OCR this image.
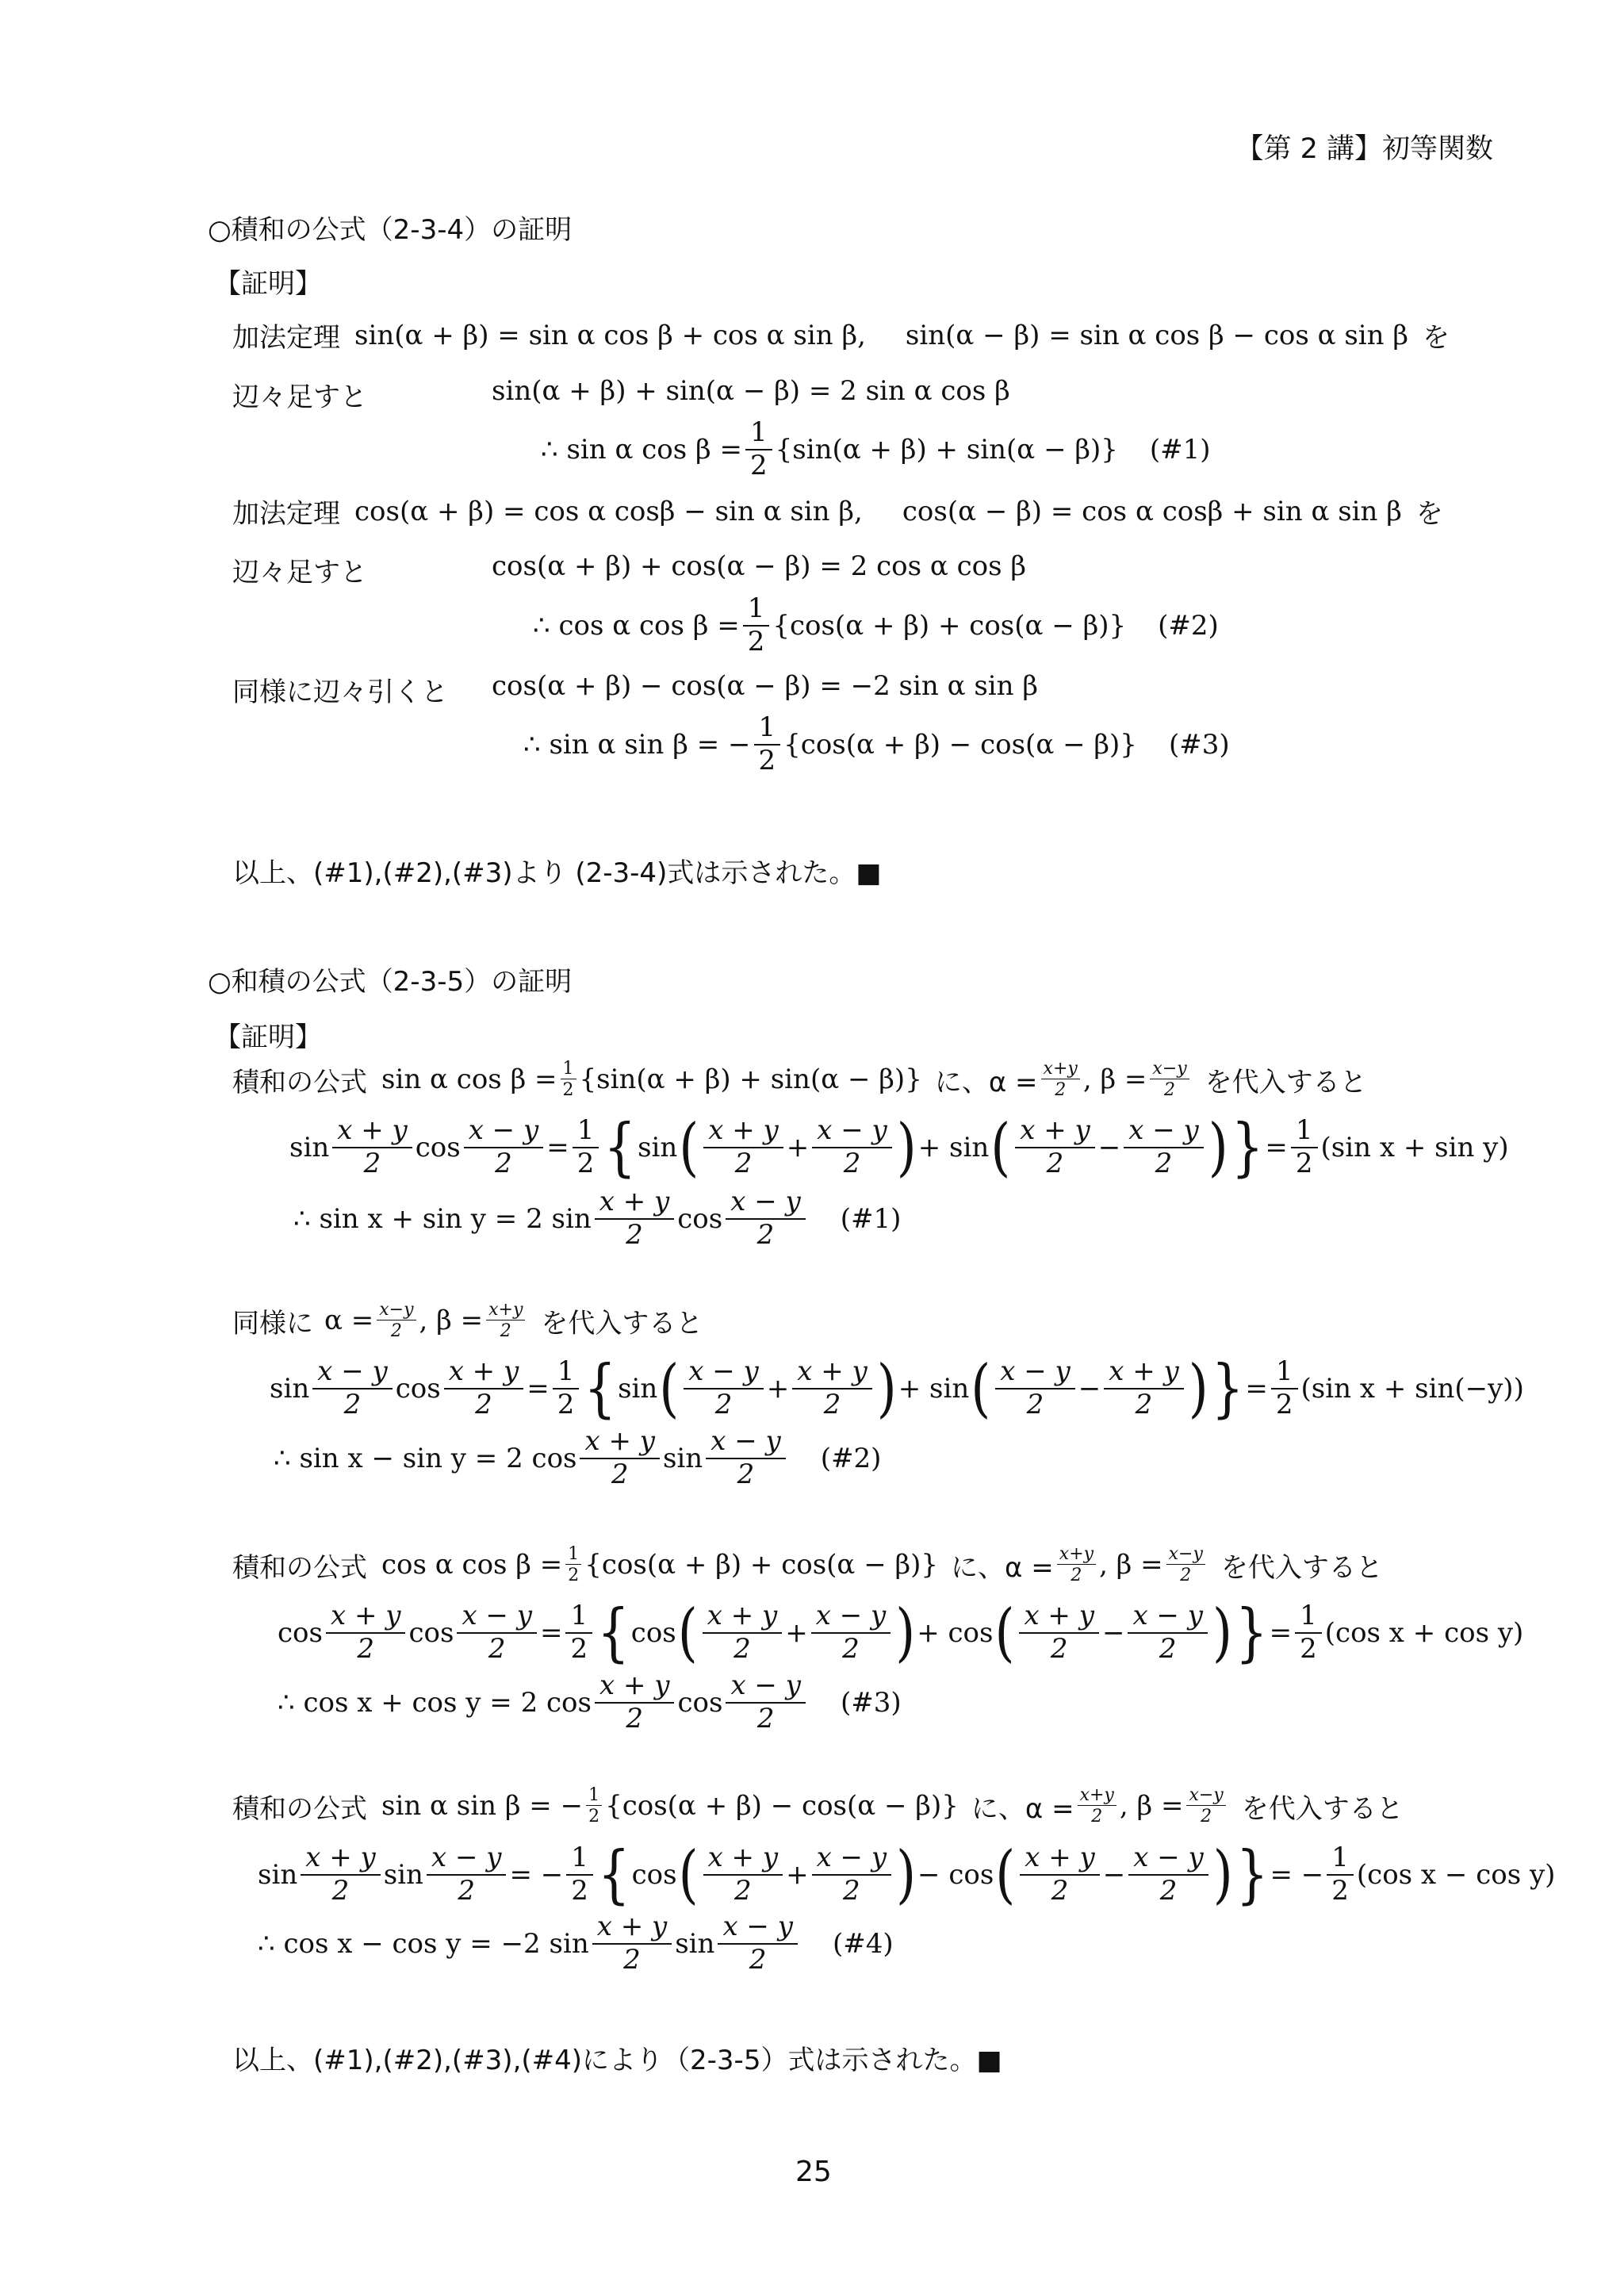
【第 2 講】初等関数
○積和の公式（2-3-4）の証明
【証明】
加法定理 sin(α + β) = sin α cos β + cos α sin β, sin(α − β) = sin α cos β − cos α sin β を
辺々足すと	sin(α + β) + sin(α − β) = 2 sin α cos β
∴ sin α $\cos \beta = \frac{1}{2} \{\sin(\alpha + \beta) + \sin(\alpha - \beta)\}$ (#1)
加法定理 cos(α + β) = cos α cosβ − sin α sin β, cos(α − β) = cos α cosβ + sin α sin β を
辺々足すと	cos(α + β) + cos(α − β) = 2 cos α cos β
∴ cos α $\cos \beta = \frac{1}{2} \{\cos(\alpha + \beta) + \cos(\alpha - \beta)\}$ (#2)
同様に辺々引くと cos(α + β) − cos(α − β) = −2 sin α sin β
∴ sin α sin β = − $\frac{1}{2} \{\cos(\alpha + \beta) - \cos(\alpha - \beta)\}$ (#3)
以上、(#1),(#2),(#3)より (2-3-4)式は示された。■
○和積の公式（2-3-5）の証明
【証明】
積和の公式 sin α $\cos \beta = \frac{1}{2} \{\sin(\alpha + \beta) + \sin(\alpha - \beta)\}$ に、$\alpha = \frac{x+y}{2}$ , $\beta = \frac{x-y}{2}$ を代入すると
$\sin \frac{x + y}{2}$ $\cos \frac{x - y}{2} = \frac{1}{2}$ { sin ( $\frac{x + y}{2} + \frac{x - y}{2}$ ) + sin ( $\frac{x + y}{2} - \frac{x - y}{2}$ ) } = $\frac{1}{2} (\sin$ x + sin y)
∴ sin x + sin y = 2 $\sin \frac{x + y}{2}$ $\cos \frac{x - y}{2}$ (#1)
同様に $\alpha = \frac{x-y}{2}$ , $\beta = \frac{x+y}{2}$ を代入すると
$\sin \frac{x - y}{2}$ $\cos \frac{x + y}{2} = \frac{1}{2}$ { sin ( $\frac{x - y}{2} + \frac{x + y}{2}$ ) + sin ( $\frac{x - y}{2} - \frac{x + y}{2}$ ) } = $\frac{1}{2} (\sin$ x + sin(−y))
∴ sin x − sin y = 2 $\cos \frac{x + y}{2}$ $\sin \frac{x - y}{2}$ (#2)
積和の公式 cos α $\cos \beta = \frac{1}{2} \{\cos(\alpha + \beta) + \cos(\alpha - \beta)\}$ に、$\alpha = \frac{x+y}{2}$ , $\beta = \frac{x-y}{2}$ を代入すると
$\cos \frac{x + y}{2}$ $\cos \frac{x - y}{2} = \frac{1}{2}$ { cos ( $\frac{x + y}{2} + \frac{x - y}{2}$ ) + cos ( $\frac{x + y}{2} - \frac{x - y}{2}$ ) } = $\frac{1}{2} (\cos$ x + cos y)
∴ cos x + cos y = 2 $\cos \frac{x + y}{2}$ $\cos \frac{x - y}{2}$ (#3)
積和の公式 sin α sin β = − $\frac{1}{2} \{\cos(\alpha + \beta) - \cos(\alpha - \beta)\}$ に、$\alpha = \frac{x+y}{2}$ , $\beta = \frac{x-y}{2}$ を代入すると
$\sin \frac{x + y}{2}$ $\sin \frac{x - y}{2}$ = − $\frac{1}{2}$ { cos ( $\frac{x + y}{2} + \frac{x - y}{2}$ ) − cos ( $\frac{x + y}{2} - \frac{x - y}{2}$ ) } = − $\frac{1}{2} (\cos$ x − cos y)
∴ cos x − cos y = −2 $\sin \frac{x + y}{2}$ $\sin \frac{x - y}{2}$ (#4)
以上、(#1),(#2),(#3),(#4)により（2-3-5）式は示された。■
25
